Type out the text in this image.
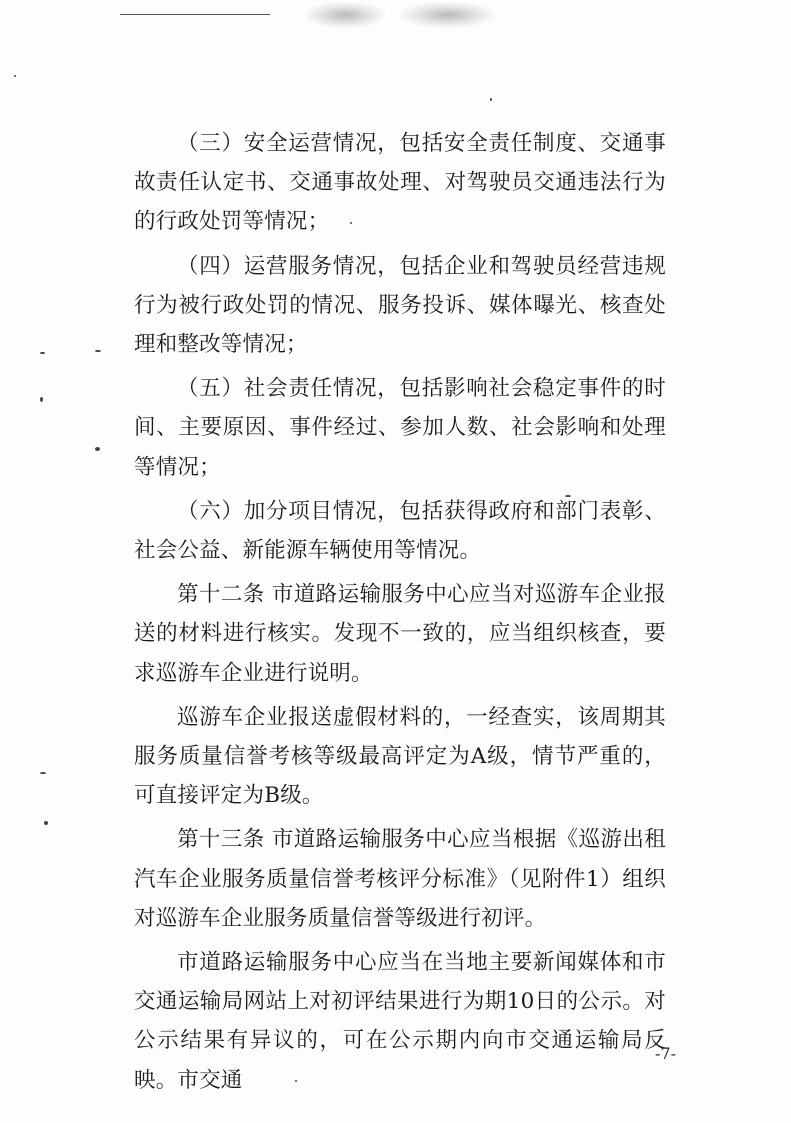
（三）安全运营情况，包括安全责任制度、交通事故责任认定书、交通事故处理、对驾驶员交通违法行为的行政处罚等情况；

（四）运营服务情况，包括企业和驾驶员经营违规行为被行政处罚的情况、服务投诉、媒体曝光、核查处理和整改等情况；

（五）社会责任情况，包括影响社会稳定事件的时间、主要原因、事件经过、参加人数、社会影响和处理等情况；

（六）加分项目情况，包括获得政府和部门表彰、社会公益、新能源车辆使用等情况。

第十二条 市道路运输服务中心应当对巡游车企业报送的材料进行核实。发现不一致的，应当组织核查，要求巡游车企业进行说明。

巡游车企业报送虚假材料的，一经查实，该周期其服务质量信誉考核等级最高评定为A级，情节严重的，可直接评定为B级。

第十三条 市道路运输服务中心应当根据《巡游出租汽车企业服务质量信誉考核评分标准》（见附件1）组织对巡游车企业服务质量信誉等级进行初评。

市道路运输服务中心应当在当地主要新闻媒体和市交通运输局网站上对初评结果进行为期10日的公示。对公示结果有异议的，可在公示期内向市交通运输局反映。市交通

-7-
